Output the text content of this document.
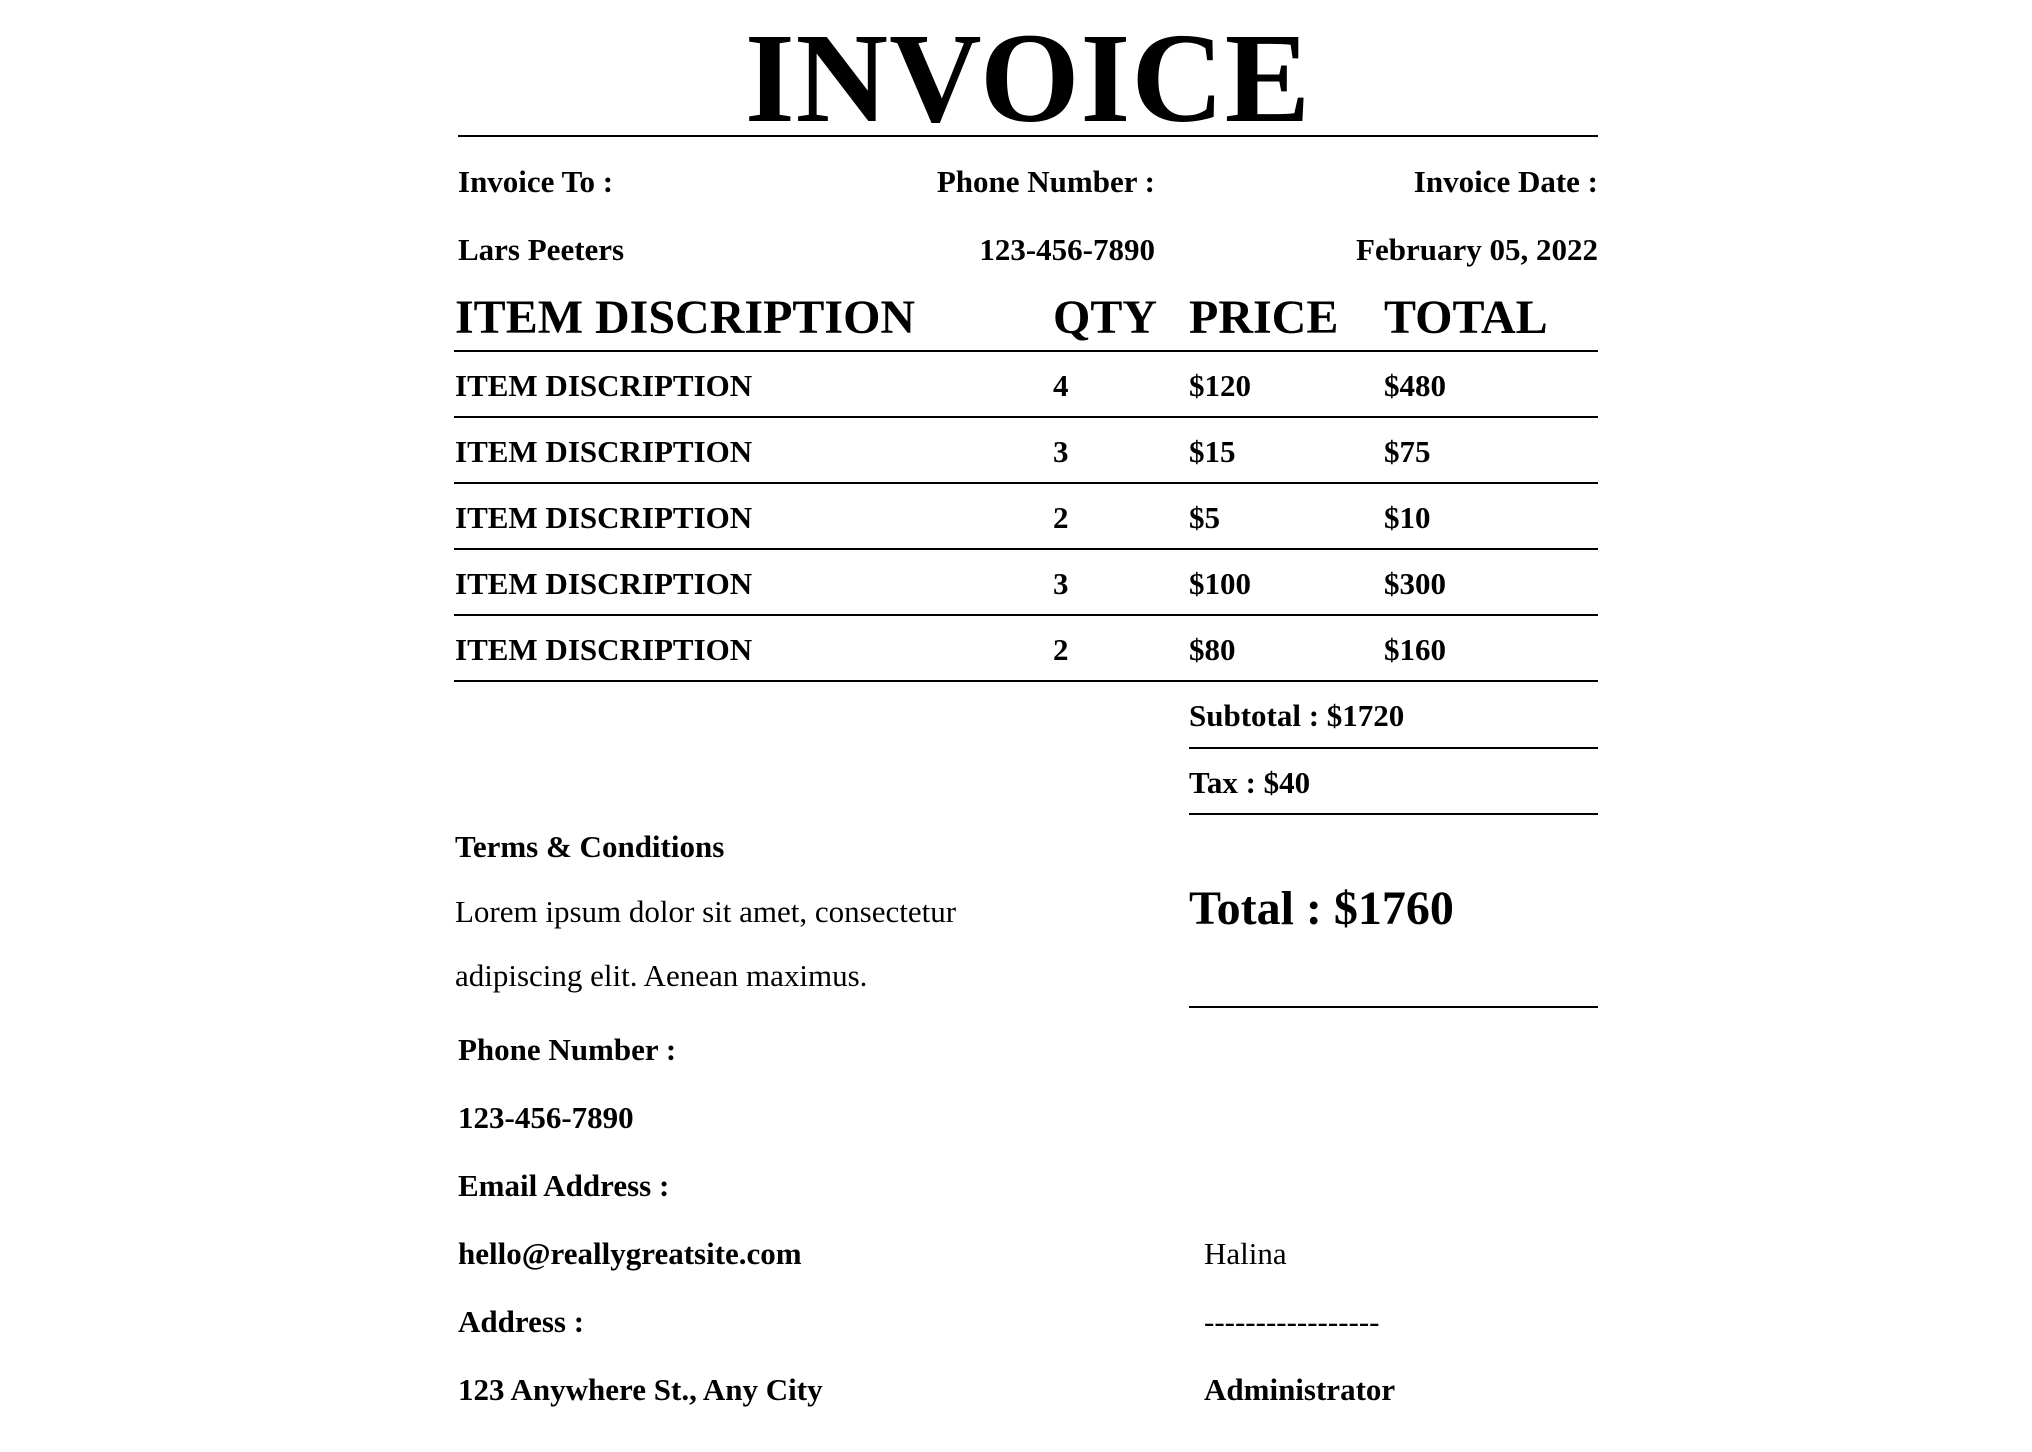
INVOICE
Invoice To :
Lars Peeters
Phone Number :
123-456-7890
Invoice Date :
February 05, 2022
ITEM DISCRIPTION	QTY PRICE TOTAL
ITEM DISCRIPTION	4	$120	$480
ITEM DISCRIPTION	3	$15	$75
ITEM DISCRIPTION	2	$5	$10
ITEM DISCRIPTION	3	$100	$300
ITEM DISCRIPTION	2	$80	$160
Subtotal : $1720
Tax : $40
Total : $1760
Terms & Conditions
Lorem ipsum dolor sit amet, consectetur adipiscing elit. Aenean maximus.
Phone Number :
123-456-7890
Email Address :
hello@reallygreatsite.com
Address :
123 Anywhere St., Any City
Halina
-----------------
Administrator
